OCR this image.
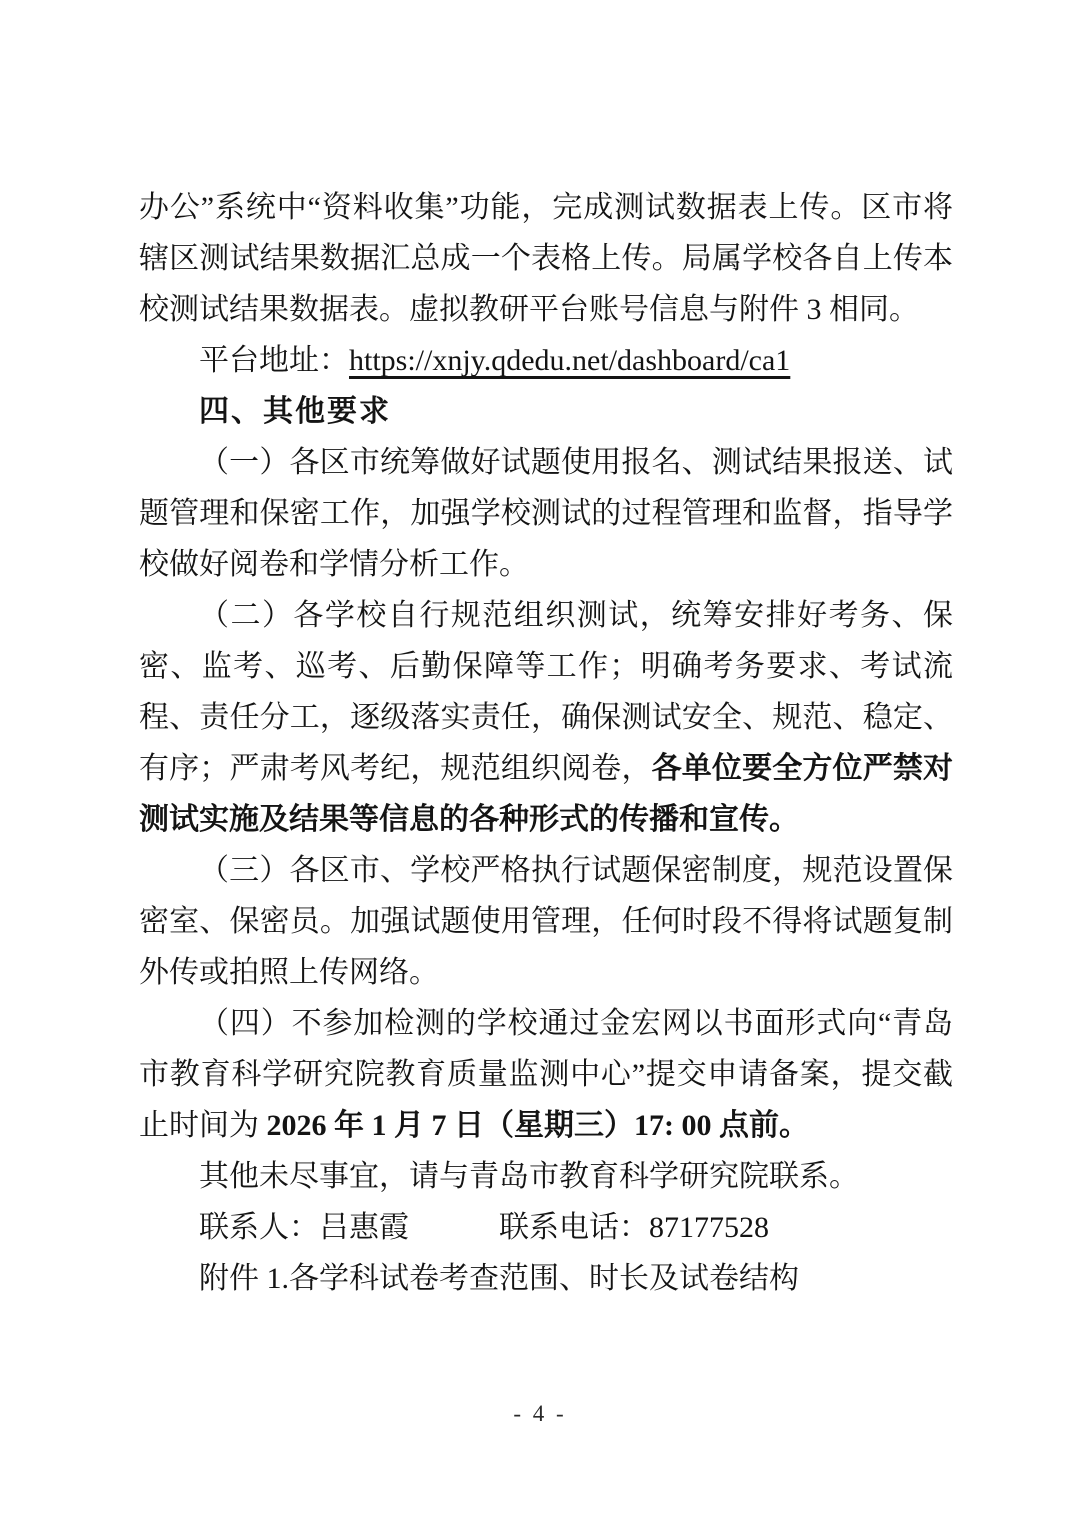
办公”系统中“资料收集”功能，完成测试数据表上传。区市将辖区测试结果数据汇总成一个表格上传。局属学校各自上传本校测试结果数据表。虚拟教研平台账号信息与附件 3 相同。

平台地址：https://xnjy.qdedu.net/dashboard/ca1

四、其他要求

（一）各区市统筹做好试题使用报名、测试结果报送、试题管理和保密工作，加强学校测试的过程管理和监督，指导学校做好阅卷和学情分析工作。

（二）各学校自行规范组织测试，统筹安排好考务、保密、监考、巡考、后勤保障等工作；明确考务要求、考试流程、责任分工，逐级落实责任，确保测试安全、规范、稳定、有序；严肃考风考纪，规范组织阅卷，各单位要全方位严禁对测试实施及结果等信息的各种形式的传播和宣传。

（三）各区市、学校严格执行试题保密制度，规范设置保密室、保密员。加强试题使用管理，任何时段不得将试题复制外传或拍照上传网络。

（四）不参加检测的学校通过金宏网以书面形式向“青岛市教育科学研究院教育质量监测中心”提交申请备案，提交截止时间为 2026 年 1 月 7 日（星期三）17: 00 点前。

其他未尽事宜，请与青岛市教育科学研究院联系。

联系人：吕惠霞　　　联系电话：87177528

附件 1.各学科试卷考查范围、时长及试卷结构

- 4 -
